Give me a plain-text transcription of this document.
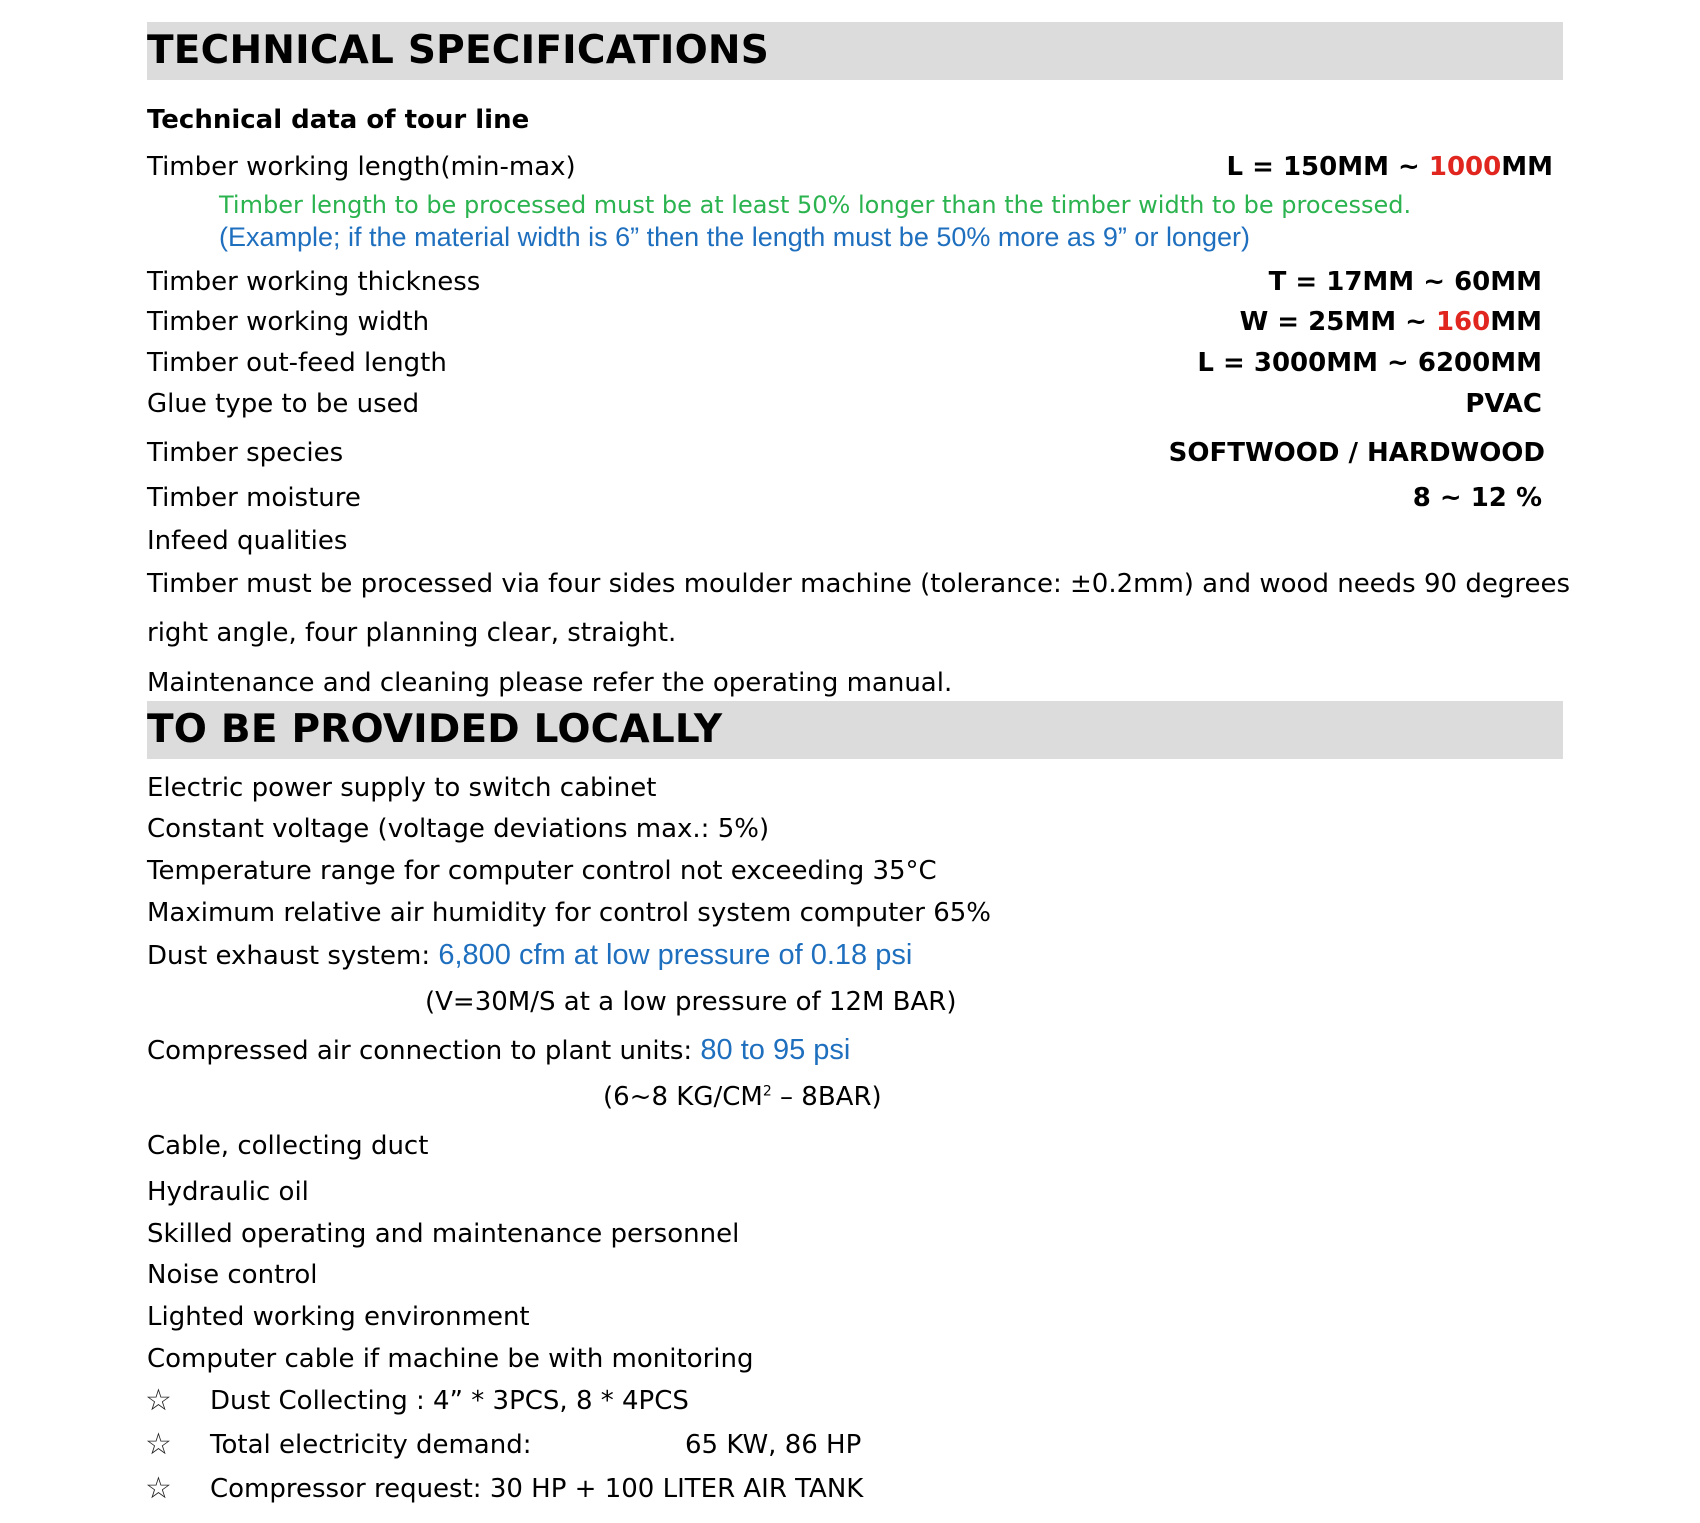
TECHNICAL SPECIFICATIONS
Technical data of tour line
Timber working length(min-max)	L = 150MM ~ 1000MM
Timber length to be processed must be at least 50% longer than the timber width to be processed.
(Example; if the material width is 6” then the length must be 50% more as 9” or longer)
Timber working thickness	T = 17MM ~ 60MM
Timber working width	W = 25MM ~ 160MM
Timber out-feed length	L = 3000MM ~ 6200MM
Glue type to be used	PVAC
Timber species	SOFTWOOD / HARDWOOD
Timber moisture	8 ~ 12 %
Infeed qualities
Timber must be processed via four sides moulder machine (tolerance: ±0.2mm) and wood needs 90 degrees
right angle, four planning clear, straight.
Maintenance and cleaning please refer the operating manual.
TO BE PROVIDED LOCALLY
Electric power supply to switch cabinet
Constant voltage (voltage deviations max.: 5%)
Temperature range for computer control not exceeding 35°C
Maximum relative air humidity for control system computer 65%
Dust exhaust system: 6,800 cfm at low pressure of 0.18 psi
(V=30M/S at a low pressure of 12M BAR)
Compressed air connection to plant units: 80 to 95 psi
(6~8 $KG/CM^2 - 8BAR$)
Cable, collecting duct
Hydraulic oil
Skilled operating and maintenance personnel
Noise control
Lighted working environment
Computer cable if machine be with monitoring
☆ Dust Collecting : 4” * 3PCS, 8 * 4PCS
☆ Total electricity demand:	65 KW, 86 HP
☆ Compressor request: 30 HP + 100 LITER AIR TANK
